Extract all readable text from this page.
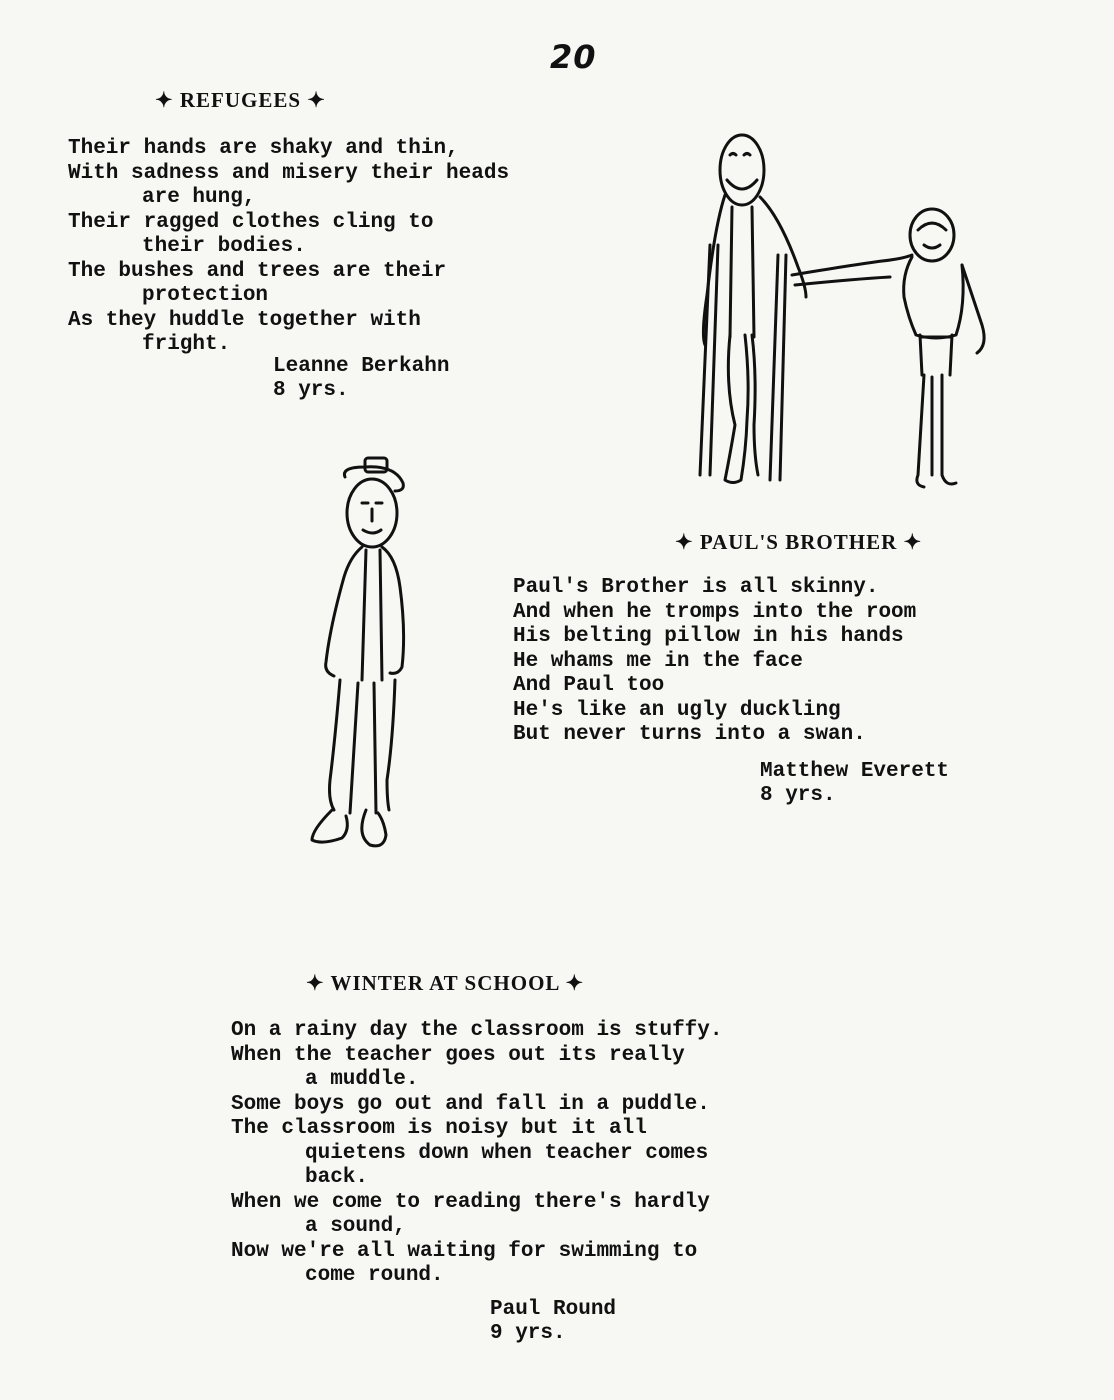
20
✦ REFUGEES ✦
Their hands are shaky and thin,
With sadness and misery their heads
are hung,
Their ragged clothes cling to
their bodies.
The bushes and trees are their
protection
As they huddle together with
fright.
Leanne Berkahn
8 yrs.
✦ PAUL'S BROTHER ✦
Paul's Brother is all skinny.
And when he tromps into the room
His belting pillow in his hands
He whams me in the face
And Paul too
He's like an ugly duckling
But never turns into a swan.
Matthew Everett
8 yrs.
✦ WINTER AT SCHOOL ✦
On a rainy day the classroom is stuffy.
When the teacher goes out its really
a muddle.
Some boys go out and fall in a puddle.
The classroom is noisy but it all
quietens down when teacher comes
back.
When we come to reading there's hardly
a sound,
Now we're all waiting for swimming to
come round.
Paul Round
9 yrs.
